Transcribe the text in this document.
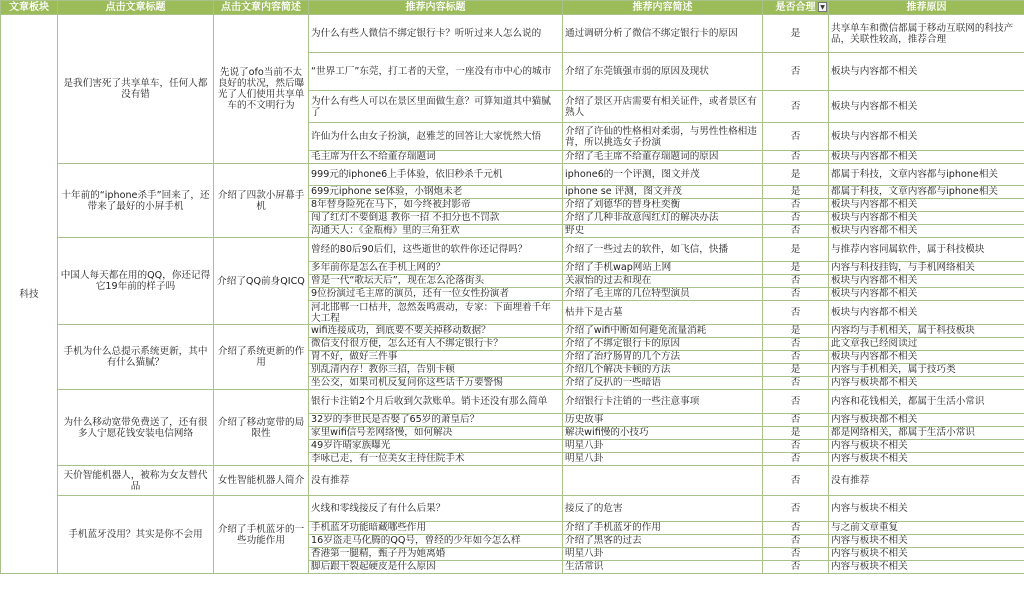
文章板块	点击文章标题	点击文章内容简述	推荐内容标题	推荐内容简述	是否合理 ▼	推荐原因
科技	是我们害死了共享单车，任何人都没有错	先说了ofo当前不太良好的状况，然后曝光了人们使用共享单车的不文明行为	为什么有些人微信不绑定银行卡？听听过来人怎么说的	通过调研分析了微信不绑定银行卡的原因	是	共享单车和微信都属于移动互联网的科技产品，关联性较高，推荐合理
			“世界工厂”东莞，打工者的天堂，一座没有市中心的城市	介绍了东莞镇强市弱的原因及现状	否	板块与内容都不相关
			为什么有些人可以在景区里面做生意？可算知道其中猫腻了	介绍了景区开店需要有相关证件，或者景区有熟人	否	板块与内容都不相关
			许仙为什么由女子扮演，赵雅芝的回答让大家恍然大悟	介绍了许仙的性格相对柔弱，与男性性格相违背，所以挑选女子扮演	否	板块与内容都不相关
			毛主席为什么不给董存瑞题词	介绍了毛主席不给董存瑞题词的原因	否	板块与内容都不相关
	十年前的“iphone杀手”回来了，还带来了最好的小屏手机	介绍了四款小屏幕手机	999元的iphone6上手体验，依旧秒杀千元机	iphone6的一个评测，图文并茂	是	都属于科技，文章内容都与iphone相关
			699元iphone se体验，小钢炮未老	iphone se 评测，图文并茂	是	都属于科技，文章内容都与iphone相关
			8年替身险死在马下，如今终被封影帝	介绍了刘德华的替身杜奕衡	否	板块与内容都不相关
			闯了红灯不要倒退 教你一招 不扣分也不罚款	介绍了几种非故意闯红灯的解决办法	否	板块与内容都不相关
			沟通天人：《金瓶梅》里的三角狂欢	野史	否	板块与内容都不相关
	中国人每天都在用的QQ，你还记得它19年前的样子吗	介绍了QQ前身QICQ	曾经的80后90后们，这些逝世的软件你还记得吗？	介绍了一些过去的软件，如飞信，快播	是	与推荐内容同属软件，属于科技模块
			多年前你是怎么在手机上网的？	介绍了手机wap网站上网	是	内容与科技挂钩，与手机网络相关
			曾是一代“歌坛天后”，现在怎么沦落街头	关淑怡的过去和现在	否	板块与内容都不相关
			9位扮演过毛主席的演员，还有一位女性扮演者	介绍了毛主席的几位特型演员	否	板块与内容都不相关
			河北邯郸一口枯井，忽然轰鸣震动，专家：下面埋着千年大工程	枯井下是古墓	否	板块与内容都不相关
	手机为什么总提示系统更新，其中有什么猫腻？	介绍了系统更新的作用	wifi连接成功，到底要不要关掉移动数据？	介绍了wifi中断如何避免流量消耗	是	内容均与手机相关，属于科技板块
			微信支付很方便，怎么还有人不绑定银行卡？	介绍了不绑定银行卡的原因	否	此文章我已经阅读过
			胃不好，做好三件事	介绍了治疗肠胃的几个方法	否	板块与内容都不相关
			别乱清内存！教你三招，告别卡顿	介绍几个解决卡顿的方法	是	内容与手机相关，属于技巧类
			坐公交，如果司机反复问你这些话千万要警惕	介绍了反扒的一些暗语	否	内容与板块都不相关
	为什么移动宽带免费送了，还有很多人宁愿花钱安装电信网络	介绍了移动宽带的局限性	银行卡注销2个月后收到欠款账单。销卡还没有那么简单	介绍银行卡注销的一些注意事项	否	内容和花钱相关，都属于生活小常识
			32岁的李世民是否娶了65岁的萧皇后？	历史故事	否	内容与板块都不相关
			家里wifi信号差网络慢，如何解决	解决wifi慢的小技巧	是	都是网络相关，都属于生活小常识
			49岁许晴家族曝光	明星八卦	否	内容与板块不相关
			李咏已走，有一位美女主持住院手术	明星八卦	否	内容与板块不相关
	天价智能机器人，被称为女友替代品	女性智能机器人简介	没有推荐		否	没有推荐
	手机蓝牙没用？其实是你不会用	介绍了手机蓝牙的一些功能作用	火线和零线接反了有什么后果？	接反了的危害	否	内容与板块不相关
			手机蓝牙功能暗藏哪些作用	介绍了手机蓝牙的作用	否	与之前文章重复
			16岁盗走马化腾的QQ号，曾经的少年如今怎么样	介绍了黑客的过去	否	内容与板块不相关
			香港第一腿精，甄子丹为她离婚	明星八卦	否	内容与板块不相关
			脚后跟干裂起硬皮是什么原因	生活常识	否	内容与板块不相关
